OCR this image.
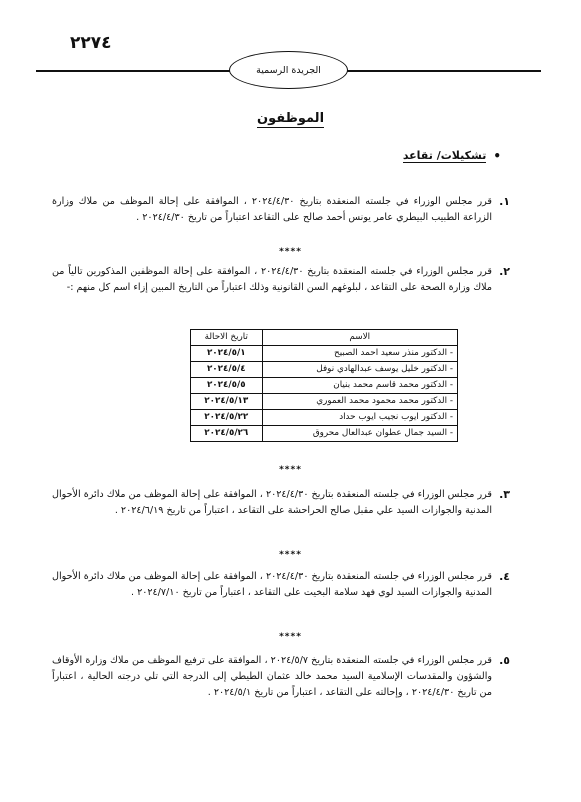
٢٢٧٤
الجريدة الرسمية
الموظفون
•
تشكيلات/ تقاعد
١.
قرر مجلس الوزراء في جلسته المنعقدة بتاريخ ٢٠٢٤/٤/٣٠ ، الموافقة على إحالة الموظف من ملاك وزارة الزراعة الطبيب البيطري عامر يونس أحمد صالح على التقاعد اعتباراً من تاريخ ٢٠٢٤/٤/٣٠ .
****
٢.
قرر مجلس الوزراء في جلسته المنعقدة بتاريخ ٢٠٢٤/٤/٣٠ ، الموافقة على إحالة الموظفين المذكورين تالياً من ملاك وزارة الصحة على التقاعد ، لبلوغهم السن القانونية وذلك اعتباراً من التاريخ المبين إزاء اسم كل منهم :-
الاسم	تاريخ الاحالة
- الدكتور منذر سعيد احمد الصبيح	٢٠٢٤/٥/١
- الدكتور خليل يوسف عبدالهادي نوفل	٢٠٢٤/٥/٤
- الدكتور محمد قاسم محمد بنيان	٢٠٢٤/٥/٥
- الدكتور محمد محمود محمد العموري	٢٠٢٤/٥/١٣
- الدكتور ايوب نجيب ايوب حداد	٢٠٢٤/٥/٢٢
- السيد جمال عطوان عبدالعال محروق	٢٠٢٤/٥/٢٦
****
٣.
قرر مجلس الوزراء في جلسته المنعقدة بتاريخ ٢٠٢٤/٤/٣٠ ، الموافقة على إحالة الموظف من ملاك دائرة الأحوال المدنية والجوازات السيد علي مقبل صالح الحراحشة على التقاعد ، اعتباراً من تاريخ ٢٠٢٤/٦/١٩ .
****
٤.
قرر مجلس الوزراء في جلسته المنعقدة بتاريخ ٢٠٢٤/٤/٣٠ ، الموافقة على إحالة الموظف من ملاك دائرة الأحوال المدنية والجوازات السيد لوي فهد سلامة البخيت على التقاعد ، اعتباراً من تاريخ ٢٠٢٤/٧/١٠ .
****
٥.
قرر مجلس الوزراء في جلسته المنعقدة بتاريخ ٢٠٢٤/٥/٧ ، الموافقة على ترفيع الموظف من ملاك وزارة الأوقاف والشؤون والمقدسات الإسلامية السيد محمد خالد عثمان الطيطي إلى الدرجة التي تلي درجته الحالية ، اعتباراً من تاريخ ٢٠٢٤/٤/٣٠ ، وإحالته على التقاعد ، اعتباراً من تاريخ ٢٠٢٤/٥/١ .
